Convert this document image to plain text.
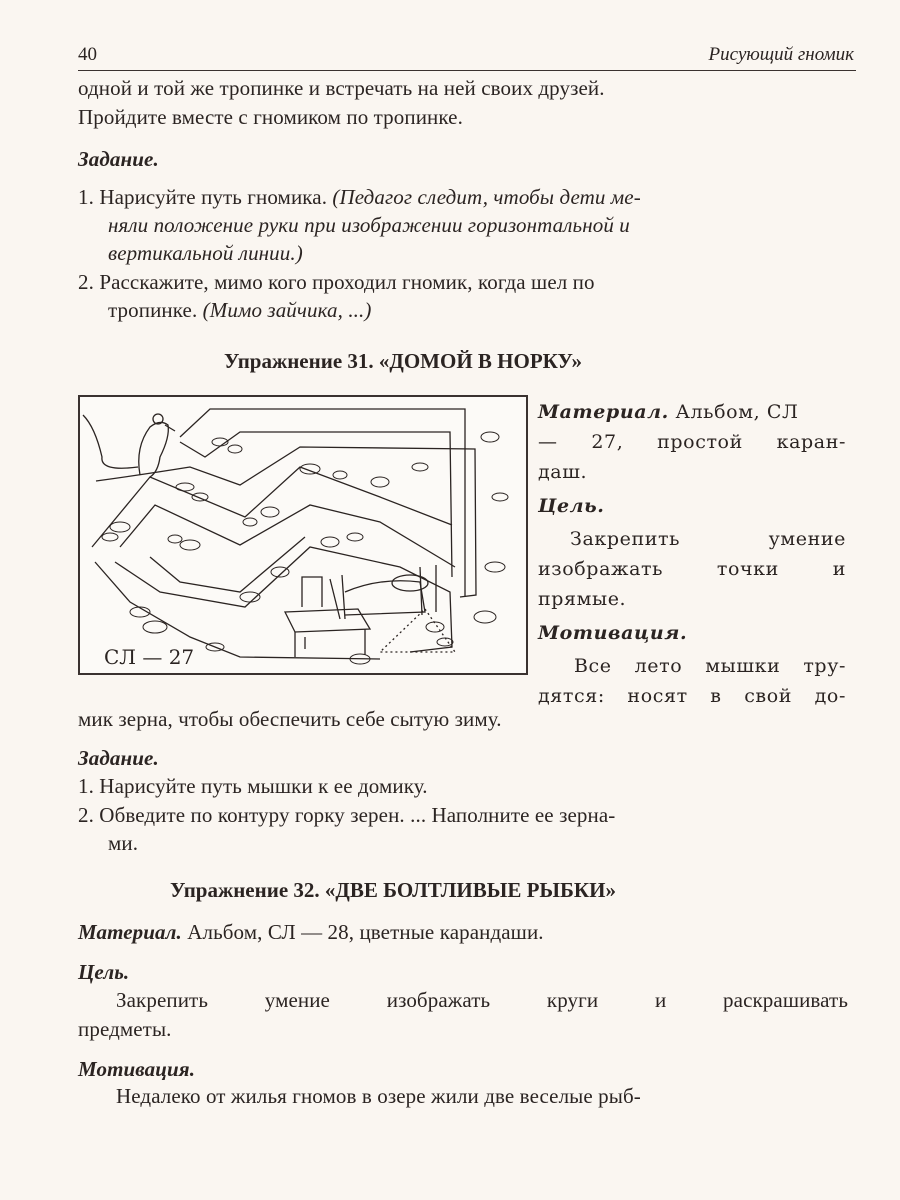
40	Рисующий гномик
одной и той же тропинке и встречать на ней своих друзей.
Пройдите вместе с гномиком по тропинке.
Задание.
1. Нарисуйте путь гномика. (Педагог следит, чтобы дети ме-
няли положение руки при изображении горизонтальной и
вертикальной линии.)
2. Расскажите, мимо кого проходил гномик, когда шел по
тропинке. (Мимо зайчика, ...)
Упражнение 31. «ДОМОЙ В НОРКУ»
СЛ — 27
Материал. Альбом, СЛ
— 27, простой каран-
даш.
Цель.
Закрепить умение
изображать точки и
прямые.
Мотивация.
Все лето мышки тру-
дятся: носят в свой до-
мик зерна, чтобы обеспечить себе сытую зиму.
Задание.
1. Нарисуйте путь мышки к ее домику.
2. Обведите по контуру горку зерен. ... Наполните ее зерна-
ми.
Упражнение 32. «ДВЕ БОЛТЛИВЫЕ РЫБКИ»
Материал. Альбом, СЛ — 28, цветные карандаши.
Цель.
Закрепить умение изображать круги и раскрашивать
предметы.
Мотивация.
Недалеко от жилья гномов в озере жили две веселые рыб-
